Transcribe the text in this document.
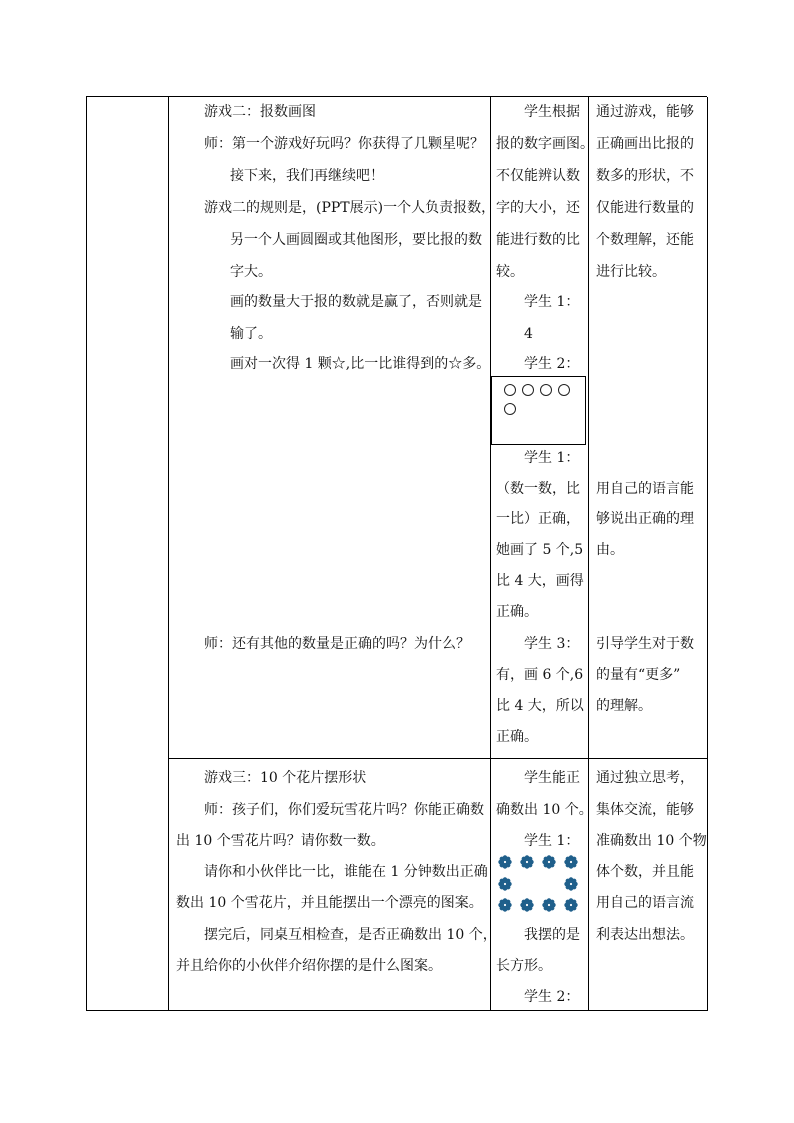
游戏二：报数画图
师：第一个游戏好玩吗？你获得了几颗星呢？
接下来，我们再继续吧！
游戏二的规则是，(PPT展示)一个人负责报数，
另一个人画圆圈或其他图形，要比报的数
字大。
画的数量大于报的数就是赢了，否则就是
输了。
画对一次得 1 颗☆,比一比谁得到的☆多。
师：还有其他的数量是正确的吗？为什么？
学生根据
报的数字画图。
不仅能辨认数
字的大小，还
能进行数的比
较。
学生 1：
4
学生 2：
学生 1：
（数一数，比
一比）正确，
她画了 5 个,5
比 4 大，画得
正确。
学生 3：
有，画 6 个,6
比 4 大，所以
正确。
通过游戏，能够
正确画出比报的
数多的形状，不
仅能进行数量的
个数理解，还能
进行比较。
用自己的语言能
够说出正确的理
由。
引导学生对于数
的量有“更多”
的理解。
游戏三：10 个花片摆形状
师：孩子们，你们爱玩雪花片吗？你能正确数
出 10 个雪花片吗？请你数一数。
请你和小伙伴比一比，谁能在 1 分钟数出正确
数出 10 个雪花片，并且能摆出一个漂亮的图案。
摆完后，同桌互相检查，是否正确数出 10 个，
并且给你的小伙伴介绍你摆的是什么图案。
学生能正
确数出 10 个。
学生 1：
我摆的是
长方形。
学生 2：
通过独立思考，
集体交流，能够
准确数出 10 个物
体个数，并且能
用自己的语言流
利表达出想法。
